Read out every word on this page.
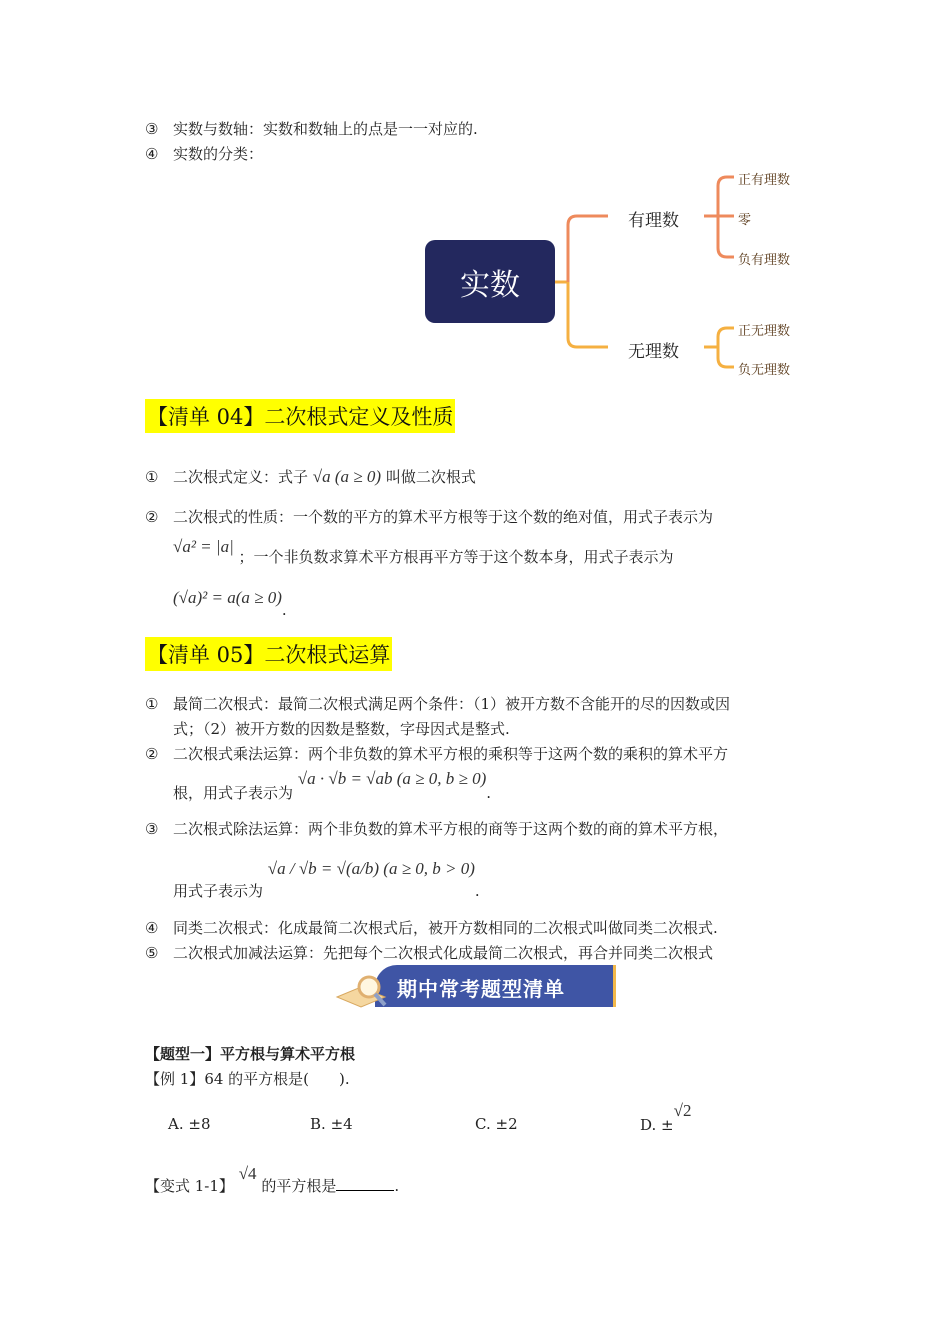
③ 实数与数轴：实数和数轴上的点是一一对应的.
④ 实数的分类：
实数
有理数
无理数
正有理数
零
负有理数
正无理数
负无理数
【清单 04】二次根式定义及性质
① 二次根式定义：式子 √a (a ≥ 0) 叫做二次根式
② 二次根式的性质：一个数的平方的算术平方根等于这个数的绝对值，用式子表示为
√a² = |a| ；一个非负数求算术平方根再平方等于这个数本身，用式子表示为
(√a)² = a(a ≥ 0).
【清单 05】二次根式运算
① 最简二次根式：最简二次根式满足两个条件：（1）被开方数不含能开的尽的因数或因
式；（2）被开方数的因数是整数，字母因式是整式.
② 二次根式乘法运算：两个非负数的算术平方根的乘积等于这两个数的乘积的算术平方
根，用式子表示为 √a · √b = √ab (a ≥ 0, b ≥ 0).
③ 二次根式除法运算：两个非负数的算术平方根的商等于这两个数的商的算术平方根，
用式子表示为 √a / √b = √(a/b) (a ≥ 0, b > 0).
④ 同类二次根式：化成最简二次根式后，被开方数相同的二次根式叫做同类二次根式.
⑤ 二次根式加减法运算：先把每个二次根式化成最简二次根式，再合并同类二次根式
期中常考题型清单
【题型一】平方根与算术平方根
【例 1】64 的平方根是(　　).
A. ±8	B. ±4	C. ±2	D. ±√2
【变式 1-1】 √4 的平方根是	.
